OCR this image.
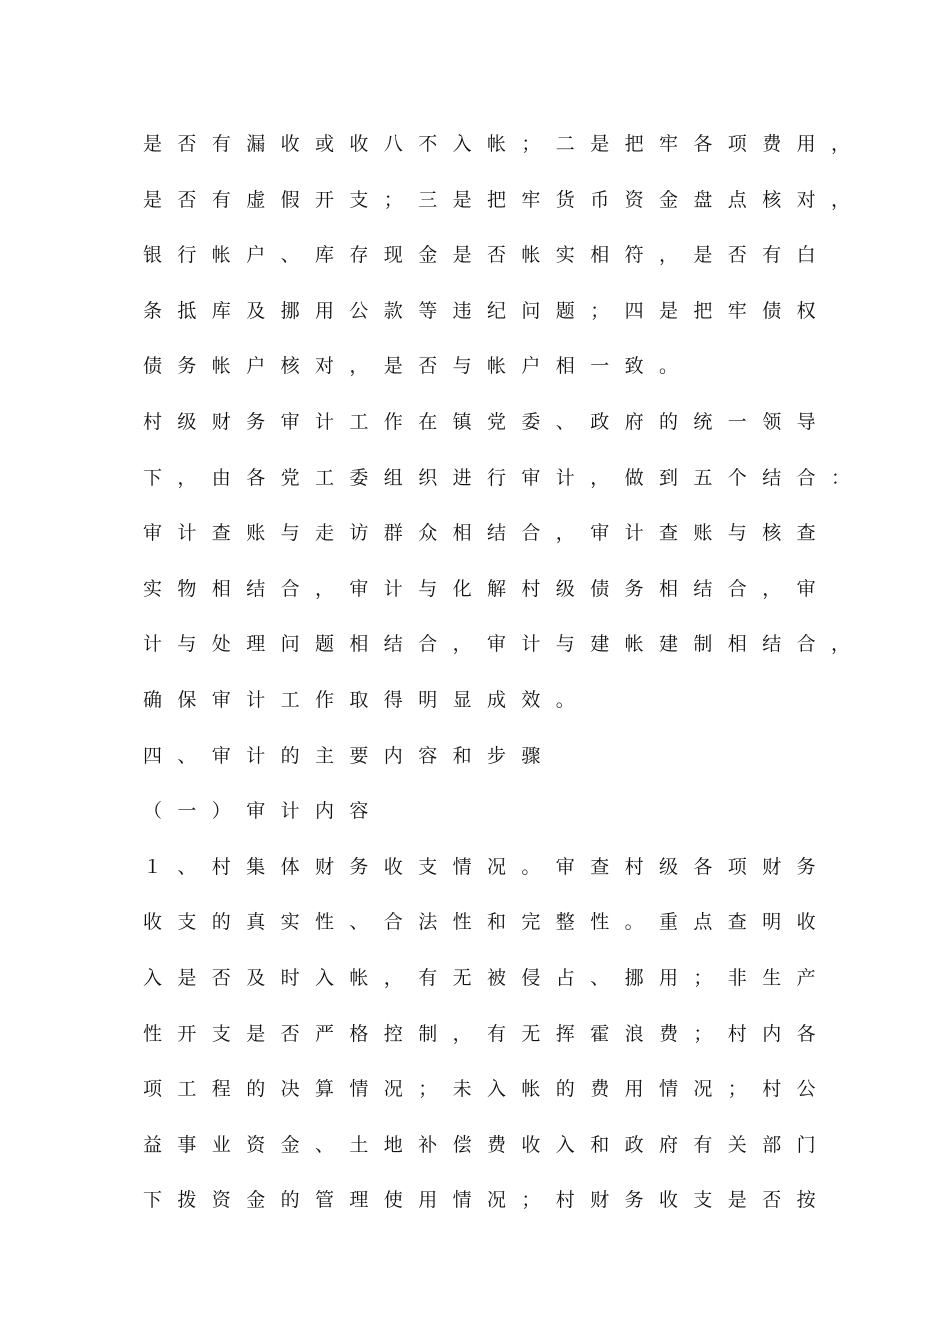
是否有漏收或收八不入帐；二是把牢各项费用，
是否有虚假开支；三是把牢货币资金盘点核对，
银行帐户、库存现金是否帐实相符，是否有白
条抵库及挪用公款等违纪问题；四是把牢债权
债务帐户核对，是否与帐户相一致。
村级财务审计工作在镇党委、政府的统一领导
下，由各党工委组织进行审计，做到五个结合：
审计查账与走访群众相结合，审计查账与核查
实物相结合，审计与化解村级债务相结合，审
计与处理问题相结合，审计与建帐建制相结合，
确保审计工作取得明显成效。
四、审计的主要内容和步骤
（一）审计内容
１、村集体财务收支情况。审查村级各项财务
收支的真实性、合法性和完整性。重点查明收
入是否及时入帐，有无被侵占、挪用；非生产
性开支是否严格控制，有无挥霍浪费；村内各
项工程的决算情况；未入帐的费用情况；村公
益事业资金、土地补偿费收入和政府有关部门
下拨资金的管理使用情况；村财务收支是否按
